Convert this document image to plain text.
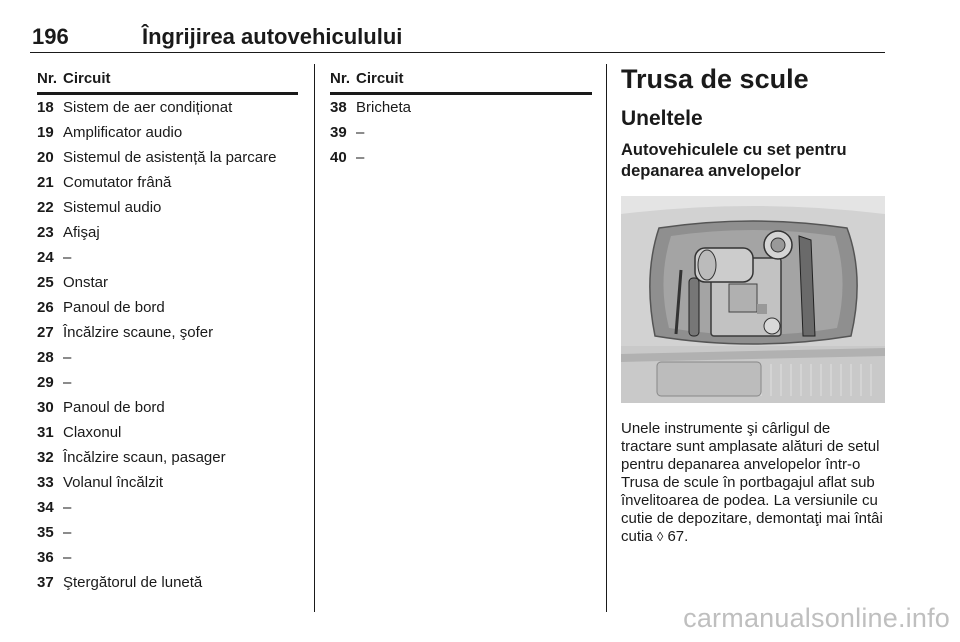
196	Îngrijirea autovehiculului
Nr. Circuit
18 Sistem de aer condiționat
19 Amplificator audio
20 Sistemul de asistență la parcare
21 Comutator frână
22 Sistemul audio
23 Afişaj
24 –
25 Onstar
26 Panoul de bord
27 Încălzire scaune, şofer
28 –
29 –
30 Panoul de bord
31 Claxonul
32 Încălzire scaun, pasager
33 Volanul încălzit
34 –
35 –
36 –
37 Ştergătorul de lunetă
Nr. Circuit
38 Bricheta
39 –
40 –
Trusa de scule
Uneltele
Autovehiculele cu set pentru depanarea anvelopelor
Unele instrumente şi cârligul de tractare sunt amplasate alături de setul pentru depanarea anvelopelor într-o Trusa de scule în portbagajul aflat sub învelitoarea de podea. La versiunile cu cutie de depozitare, demontaţi mai întâi cutia ◊ 67.
carmanualsonline.info
